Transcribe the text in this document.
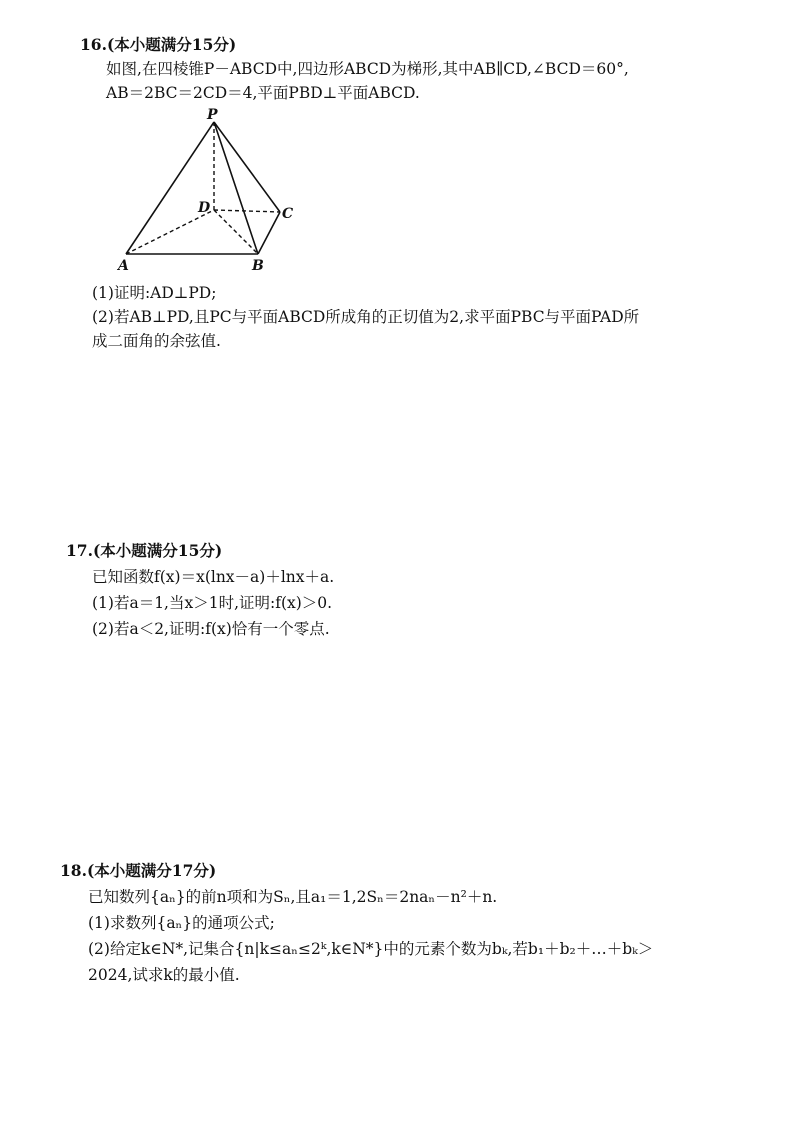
16.(本小题满分15分)
如图,在四棱锥P－ABCD中,四边形ABCD为梯形,其中AB∥CD,∠BCD＝60°,
AB＝2BC＝2CD＝4,平面PBD⊥平面ABCD.
P
D	C
A	B
(1)证明:AD⊥PD;
(2)若AB⊥PD,且PC与平面ABCD所成角的正切值为2,求平面PBC与平面PAD所
成二面角的余弦值.
17.(本小题满分15分)
已知函数f(x)＝x(lnx－a)＋lnx＋a.
(1)若a＝1,当x＞1时,证明:f(x)＞0.
(2)若a＜2,证明:f(x)恰有一个零点.
18.(本小题满分17分)
已知数列{aₙ}的前n项和为Sₙ,且a₁＝1,2Sₙ＝2naₙ－n²＋n.
(1)求数列{aₙ}的通项公式;
(2)给定k∈N*,记集合{n|k≤aₙ≤2ᵏ,k∈N*}中的元素个数为bₖ,若b₁＋b₂＋…＋bₖ＞
2024,试求k的最小值.
